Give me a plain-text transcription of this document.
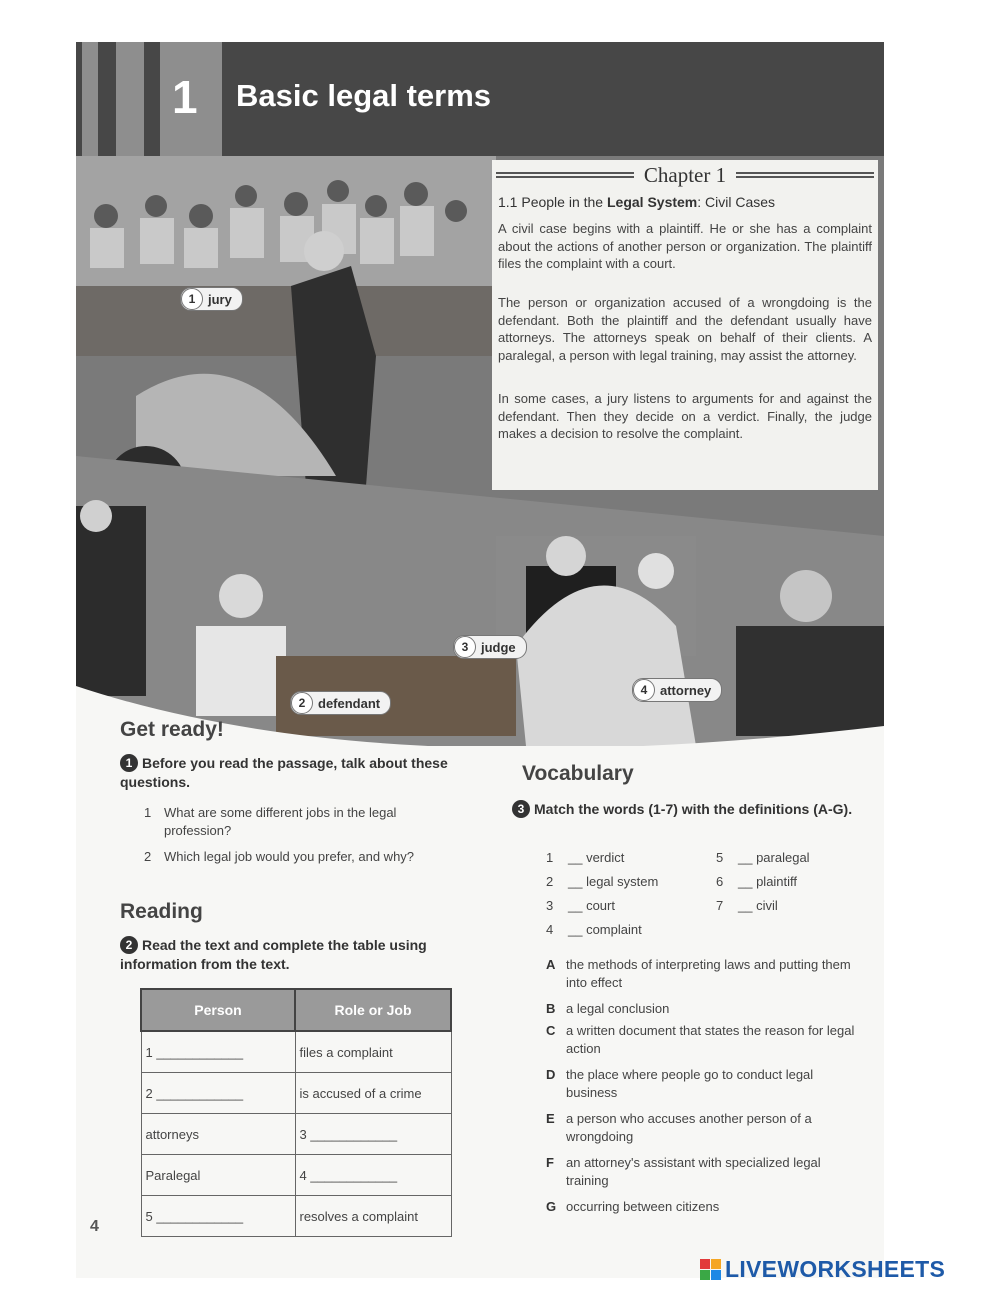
1 Basic legal terms
1 jury
2 defendant
3 judge
4 attorney
Chapter 1
1.1 People in the Legal System: Civil Cases

A civil case begins with a plaintiff. He or she has a complaint about the actions of another person or organization. The plaintiff files the complaint with a court.

The person or organization accused of a wrongdoing is the defendant. Both the plaintiff and the defendant usually have attorneys. The attorneys speak on behalf of their clients. A paralegal, a person with legal training, may assist the attorney.

In some cases, a jury listens to arguments for and against the defendant. Then they decide on a verdict. Finally, the judge makes a decision to resolve the complaint.

Get ready!
1 Before you read the passage, talk about these questions.
1 What are some different jobs in the legal profession?
2 Which legal job would you prefer, and why?
Reading
2 Read the text and complete the table using information from the text.
Person	Role or Job
1 ____________	files a complaint
2 ____________	is accused of a crime
attorneys	3 ____________
Paralegal	4 ____________
5 ____________	resolves a complaint
Vocabulary
3 Match the words (1-7) with the definitions (A-G).
1 __ verdict
2 __ legal system
3 __ court
4 __ complaint
5 __ paralegal
6 __ plaintiff
7 __ civil
A the methods of interpreting laws and putting them into effect
B a legal conclusion
C a written document that states the reason for legal action
D the place where people go to conduct legal business
E a person who accuses another person of a wrongdoing
F an attorney's assistant with specialized legal training
G occurring between citizens
4
LIVEWORKSHEETS
